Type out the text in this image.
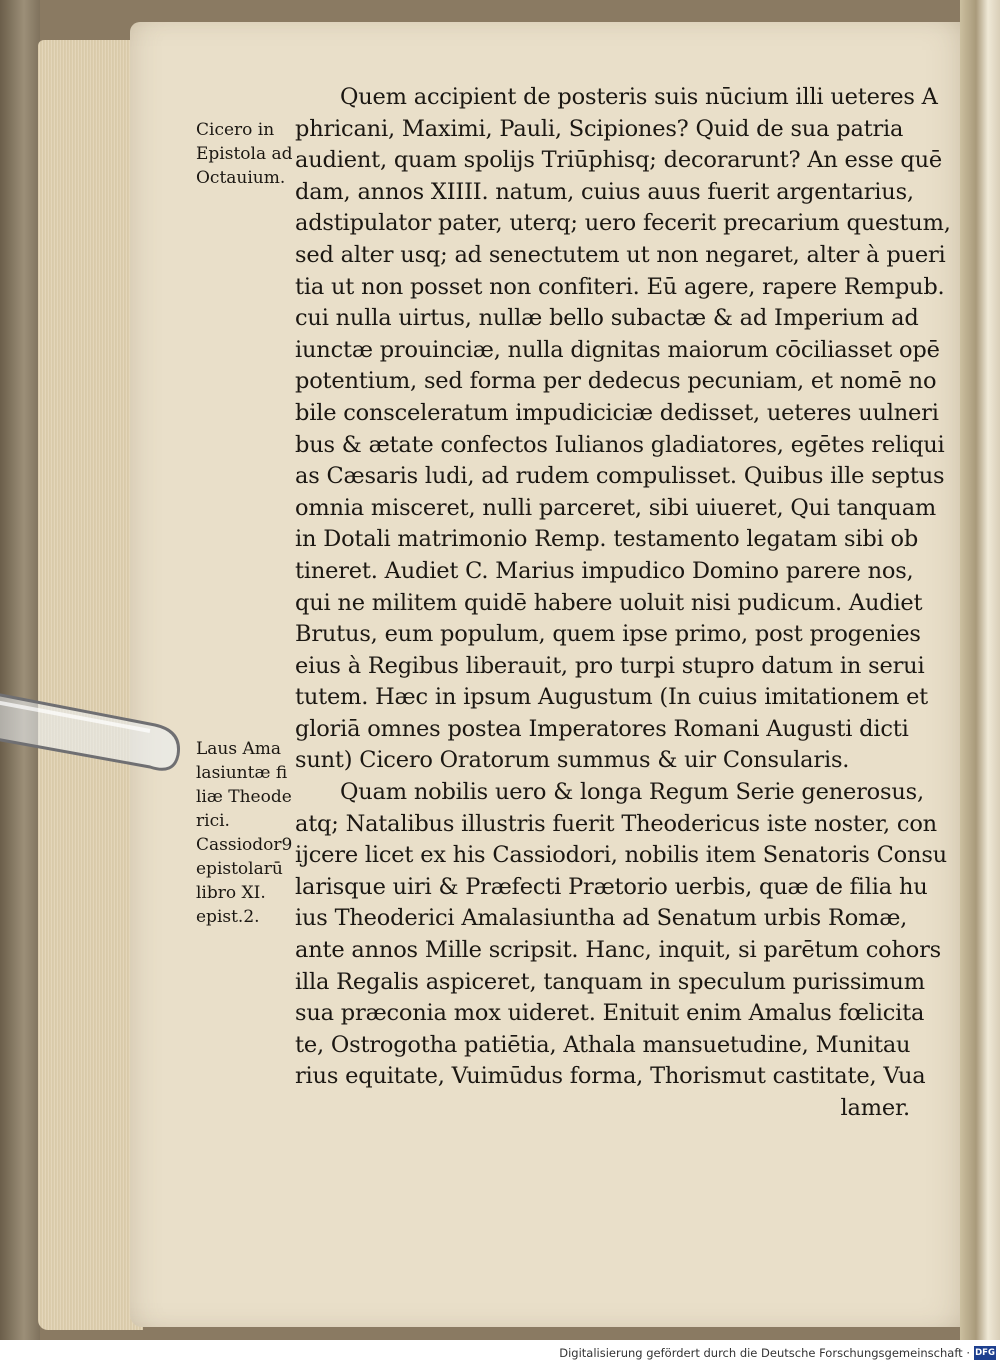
Cicero in
Epistola ad
Octauium.
Laus Ama
lasiuntæ fi
liæ Theode
rici.
Cassiodor9
epistolarū
libro XI.
epist.2.
Quem accipient de posteris suis nūcium illi ueteres A
phricani, Maximi, Pauli, Scipiones? Quid de sua patria
audient, quam spolijs Triūphisq; decorarunt? An esse quē
dam, annos XIIII. natum, cuius auus fuerit argentarius,
adstipulator pater, uterq; uero fecerit precarium questum,
sed alter usq; ad senectutem ut non negaret, alter à pueri
tia ut non posset non confiteri. Eū agere, rapere Rempub.
cui nulla uirtus, nullæ bello subactæ & ad Imperium ad
iunctæ prouinciæ, nulla dignitas maiorum cōciliasset opē
potentium, sed forma per dedecus pecuniam, et nomē no
bile consceleratum impudiciciæ dedisset, ueteres uulneri
bus & ætate confectos Iulianos gladiatores, egētes reliqui
as Cæsaris ludi, ad rudem compulisset. Quibus ille septus
omnia misceret, nulli parceret, sibi uiueret, Qui tanquam
in Dotali matrimonio Remp. testamento legatam sibi ob
tineret. Audiet C. Marius impudico Domino parere nos,
qui ne militem quidē habere uoluit nisi pudicum. Audiet
Brutus, eum populum, quem ipse primo, post progenies
eius à Regibus liberauit, pro turpi stupro datum in serui
tutem. Hæc in ipsum Augustum (In cuius imitationem et
gloriā omnes postea Imperatores Romani Augusti dicti
sunt) Cicero Oratorum summus & uir Consularis.
Quam nobilis uero & longa Regum Serie generosus,
atq; Natalibus illustris fuerit Theodericus iste noster, con
ijcere licet ex his Cassiodori, nobilis item Senatoris Consu
larisque uiri & Præfecti Prætorio uerbis, quæ de filia hu
ius Theoderici Amalasiuntha ad Senatum urbis Romæ,
ante annos Mille scripsit. Hanc, inquit, si parētum cohors
illa Regalis aspiceret, tanquam in speculum purissimum
sua præconia mox uideret. Enituit enim Amalus fœlicita
te, Ostrogotha patiētia, Athala mansuetudine, Munitau
rius equitate, Vuimūdus forma, Thorismut castitate, Vua
lamer.
Digitalisierung gefördert durch die Deutsche Forschungsgemeinschaft · DFG
